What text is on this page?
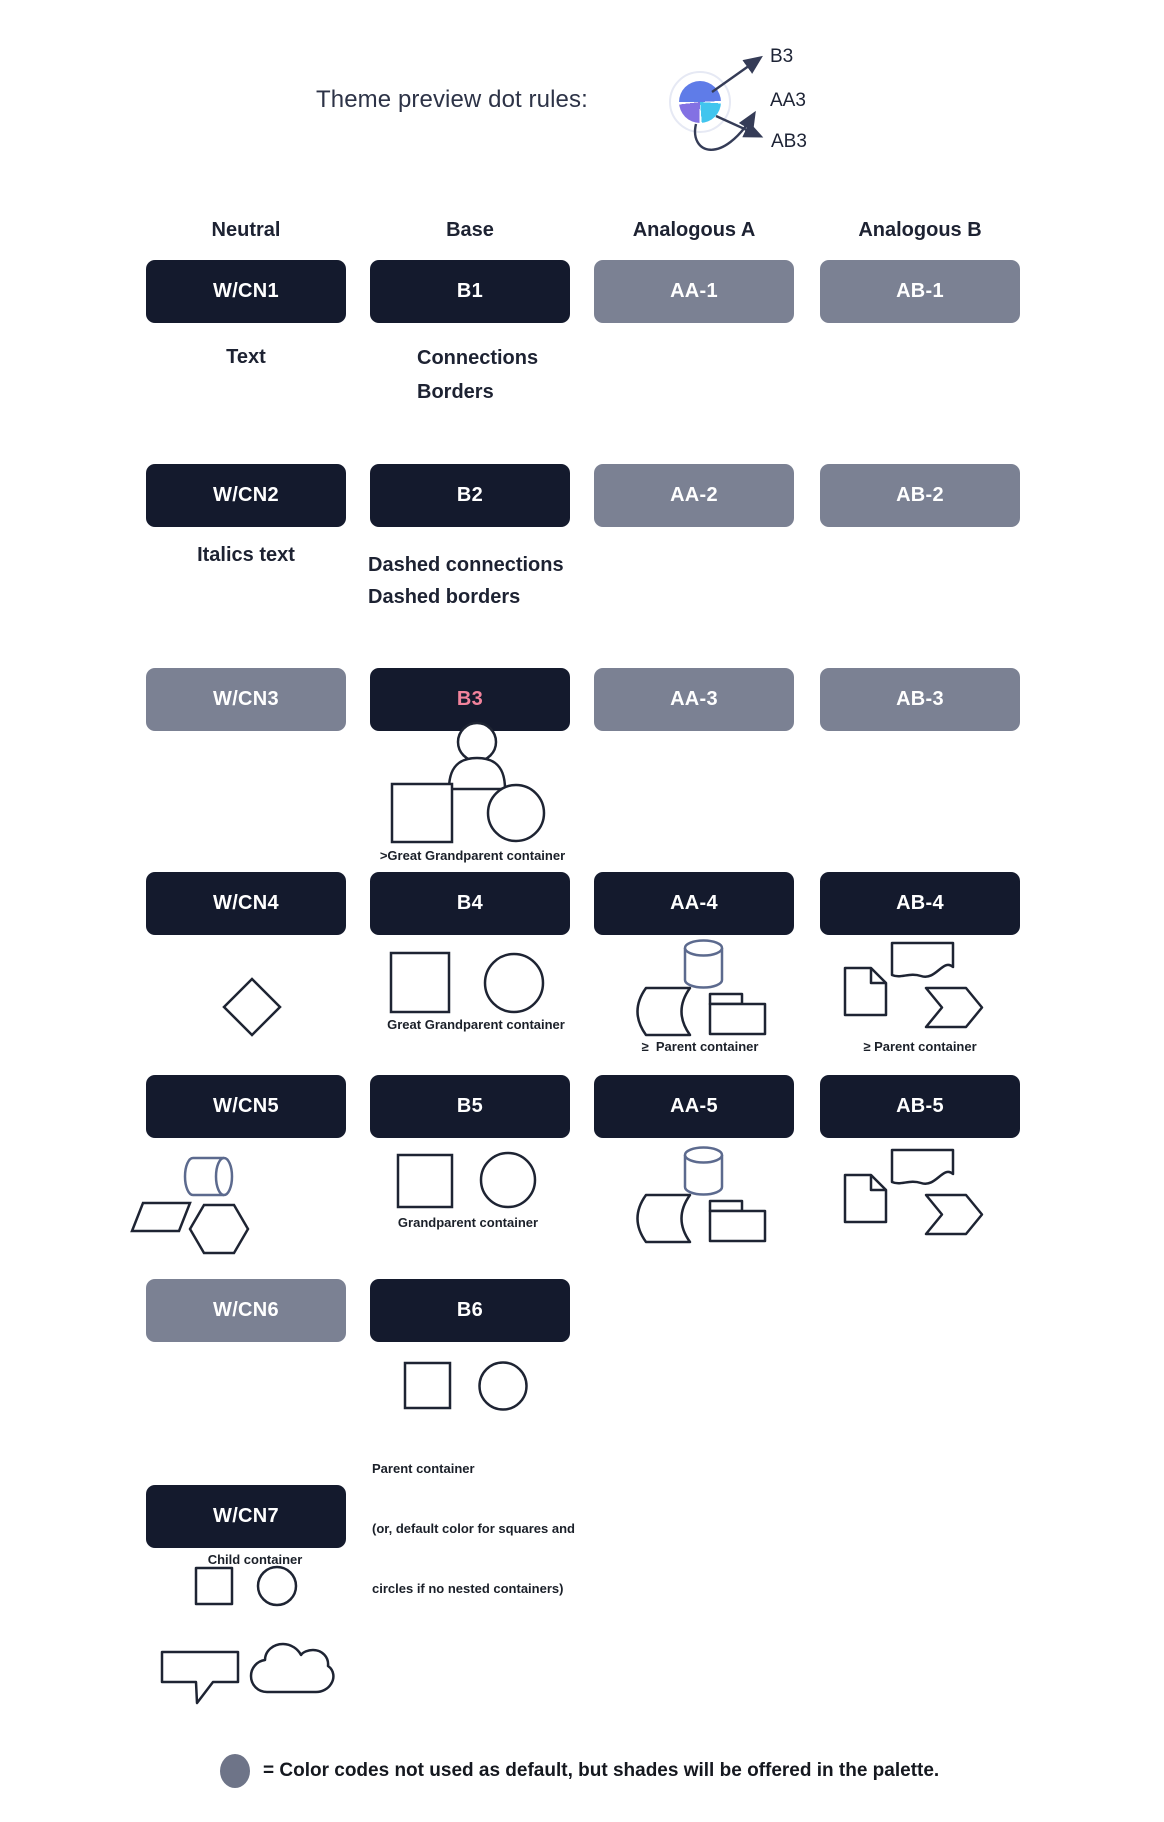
Theme preview dot rules:
B3
AA3
AB3
Neutral	Base	Analogous A	Analogous B
W/CN1	B1	AA-1	AB-1
W/CN2	B2	AA-2	AB-2
W/CN3	B3	AA-3	AB-3
W/CN4	B4	AA-4	AB-4
W/CN5	B5	AA-5	AB-5
W/CN6	B6
W/CN7
Text	Connections
Borders
Italics text	Dashed connections
Dashed borders
>Great Grandparent container
Great Grandparent container
≥  Parent container	≥ Parent container
Grandparent container

Parent container

(or, default color for squares and

circles if no nested containers)

Child container
= Color codes not used as default, but shades will be offered in the palette.
